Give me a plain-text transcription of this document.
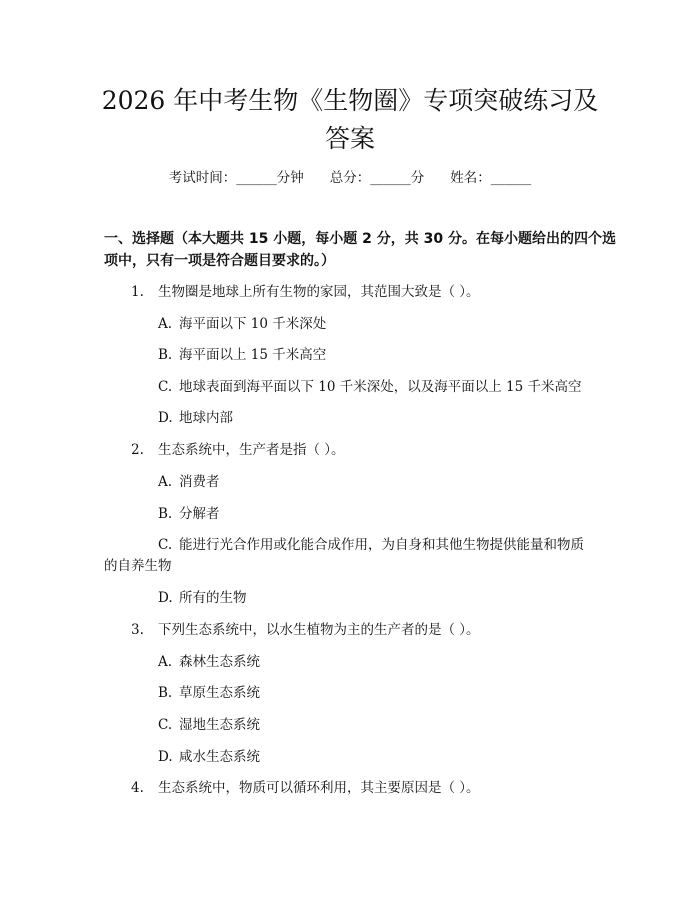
2026 年中考生物《生物圈》专项突破练习及
答案
考试时间：______分钟 总分：______分 姓名：______
一、选择题（本大题共 15 小题，每小题 2 分，共 30 分。在每小题给出的四个选
项中，只有一项是符合题目要求的。）
1. 生物圈是地球上所有生物的家园，其范围大致是（ ）。
A. 海平面以下 10 千米深处
B. 海平面以上 15 千米高空
C. 地球表面到海平面以下 10 千米深处，以及海平面以上 15 千米高空
D. 地球内部
2. 生态系统中，生产者是指（ ）。
A. 消费者
B. 分解者
C. 能进行光合作用或化能合成作用，为自身和其他生物提供能量和物质
的自养生物
D. 所有的生物
3. 下列生态系统中，以水生植物为主的生产者的是（ ）。
A. 森林生态系统
B. 草原生态系统
C. 湿地生态系统
D. 咸水生态系统
4. 生态系统中，物质可以循环利用，其主要原因是（ ）。
